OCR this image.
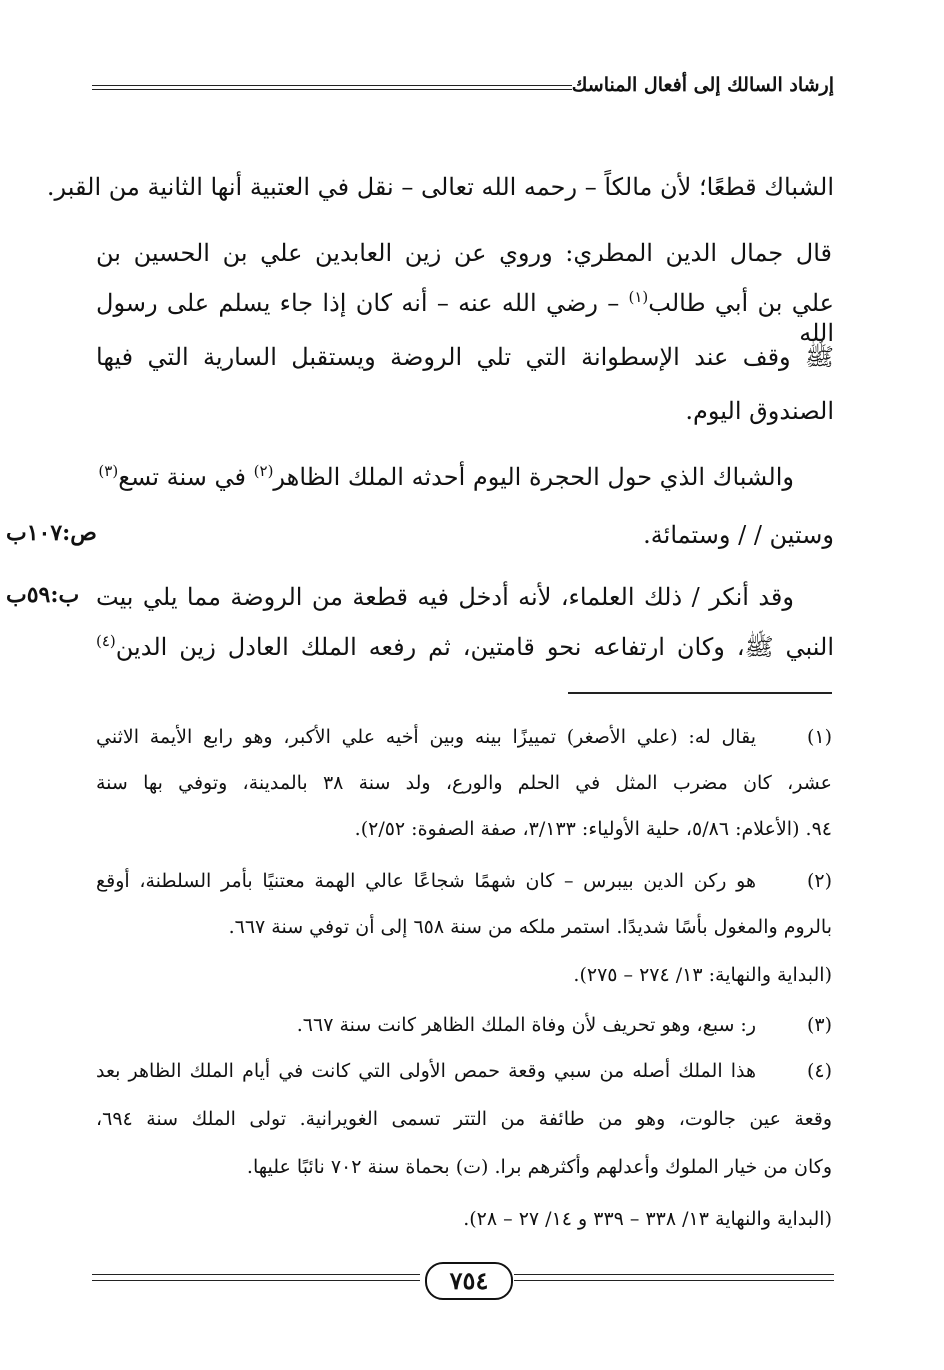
إرشاد السالك إلى أفعال المناسك
الشباك قطعًا؛ لأن مالكاً – رحمه الله تعالى – نقل في العتبية أنها الثانية من القبر.
قال جمال الدين المطري: وروي عن زين العابدين علي بن الحسين بن
علي بن أبي طالب$^{(١)}$ – رضي الله عنه – أنه كان إذا جاء يسلم على رسول الله
ﷺ وقف عند الإسطوانة التي تلي الروضة ويستقبل السارية التي فيها
الصندوق اليوم.
والشباك الذي حول الحجرة اليوم أحدثه الملك الظاهر$^{(٢)}$ في سنة تسع$^{(٣)}$
وستين / / وستمائة.
ص:١٠٧ب
وقد أنكر / ذلك العلماء، لأنه أدخل فيه قطعة من الروضة مما يلي بيت
ب:٥٩ب
النبي ﷺ، وكان ارتفاعه نحو قامتين، ثم رفعه الملك العادل زين الدين$^{(٤)}$
(١)
يقال له: (علي الأصغر) تمييزًا بينه وبين أخيه علي الأكبر، وهو رابع الأيمة الاثني
عشر، كان مضرب المثل في الحلم والورع، ولد سنة ٣٨ بالمدينة، وتوفي بها سنة
٩٤. (الأعلام: ٥/٨٦، حلية الأولياء: ٣/١٣٣، صفة الصفوة: ٢/٥٢).
(٢)
هو ركن الدين بيبرس – كان شهمًا شجاعًا عالي الهمة معتنيًا بأمر السلطنة، أوقع
بالروم والمغول بأسًا شديدًا. استمر ملكه من سنة ٦٥٨ إلى أن توفي سنة ٦٦٧.
(البداية والنهاية: ١٣/ ٢٧٤ – ٢٧٥).
(٣)
ر: سبع، وهو تحريف لأن وفاة الملك الظاهر كانت سنة ٦٦٧.
(٤)
هذا الملك أصله من سبي وقعة حمص الأولى التي كانت في أيام الملك الظاهر بعد
وقعة عين جالوت، وهو من طائفة من التتر تسمى الغويرانية. تولى الملك سنة ٦٩٤،
وكان من خيار الملوك وأعدلهم وأكثرهم برا. (ت) بحماة سنة ٧٠٢ نائبًا عليها.
(البداية والنهاية ١٣/ ٣٣٨ – ٣٣٩ و ١٤/ ٢٧ – ٢٨).
٧٥٤
